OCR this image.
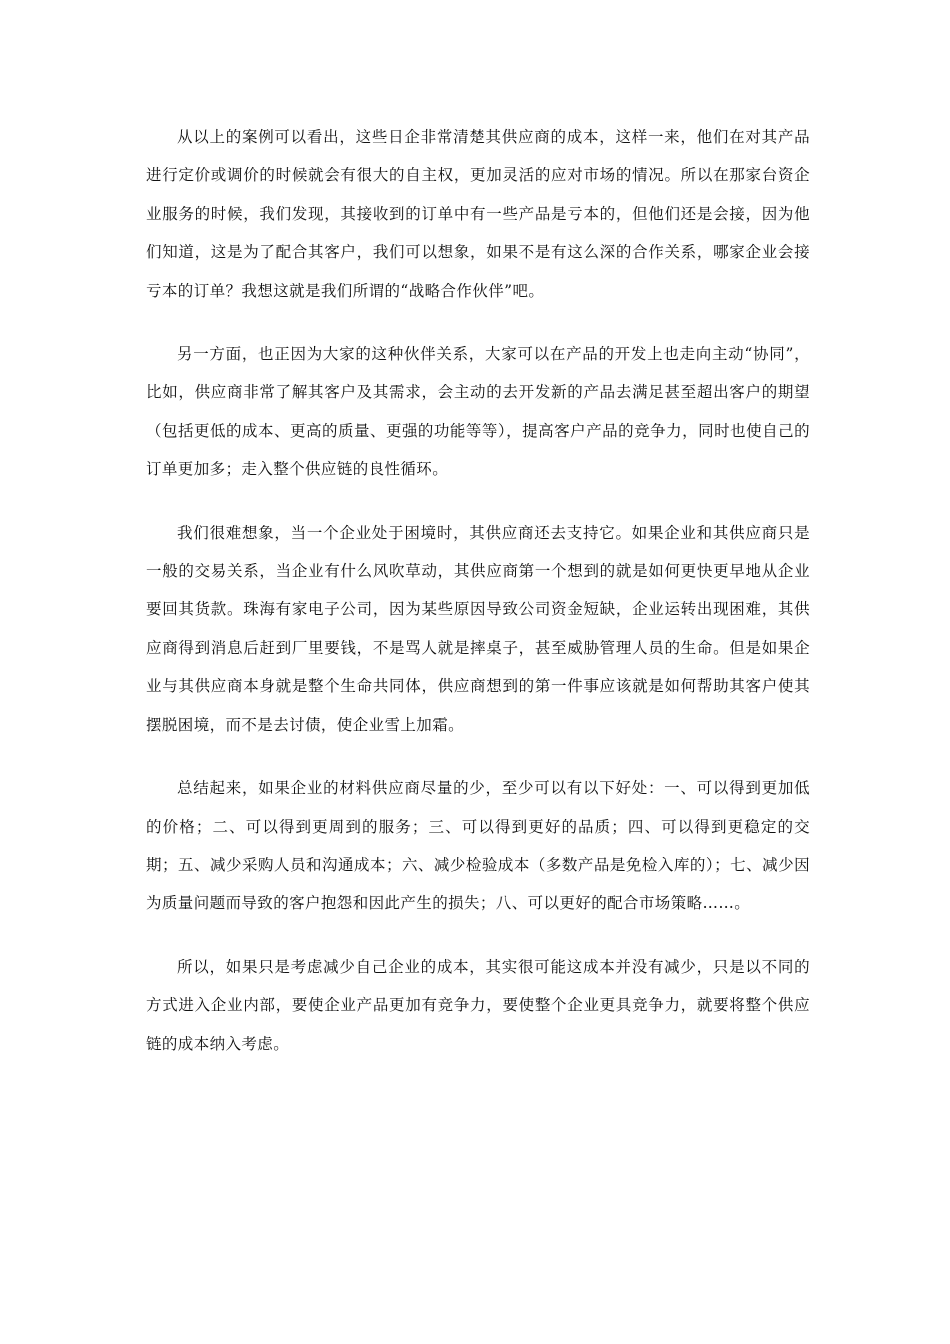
从以上的案例可以看出，这些日企非常清楚其供应商的成本，这样一来，他们在对其产品进行定价或调价的时候就会有很大的自主权，更加灵活的应对市场的情况。所以在那家台资企业服务的时候，我们发现，其接收到的订单中有一些产品是亏本的，但他们还是会接，因为他们知道，这是为了配合其客户，我们可以想象，如果不是有这么深的合作关系，哪家企业会接亏本的订单？我想这就是我们所谓的“战略合作伙伴”吧。

另一方面，也正因为大家的这种伙伴关系，大家可以在产品的开发上也走向主动“协同”，比如，供应商非常了解其客户及其需求，会主动的去开发新的产品去满足甚至超出客户的期望（包括更低的成本、更高的质量、更强的功能等等），提高客户产品的竞争力，同时也使自己的订单更加多；走入整个供应链的良性循环。

我们很难想象，当一个企业处于困境时，其供应商还去支持它。如果企业和其供应商只是一般的交易关系，当企业有什么风吹草动，其供应商第一个想到的就是如何更快更早地从企业要回其货款。珠海有家电子公司，因为某些原因导致公司资金短缺，企业运转出现困难，其供应商得到消息后赶到厂里要钱，不是骂人就是摔桌子，甚至威胁管理人员的生命。但是如果企业与其供应商本身就是整个生命共同体，供应商想到的第一件事应该就是如何帮助其客户使其摆脱困境，而不是去讨债，使企业雪上加霜。

总结起来，如果企业的材料供应商尽量的少，至少可以有以下好处：一、可以得到更加低的价格；二、可以得到更周到的服务；三、可以得到更好的品质；四、可以得到更稳定的交期；五、减少采购人员和沟通成本；六、减少检验成本（多数产品是免检入库的）；七、减少因为质量问题而导致的客户抱怨和因此产生的损失；八、可以更好的配合市场策略……。

所以，如果只是考虑减少自己企业的成本，其实很可能这成本并没有减少，只是以不同的方式进入企业内部，要使企业产品更加有竞争力，要使整个企业更具竞争力，就要将整个供应链的成本纳入考虑。
